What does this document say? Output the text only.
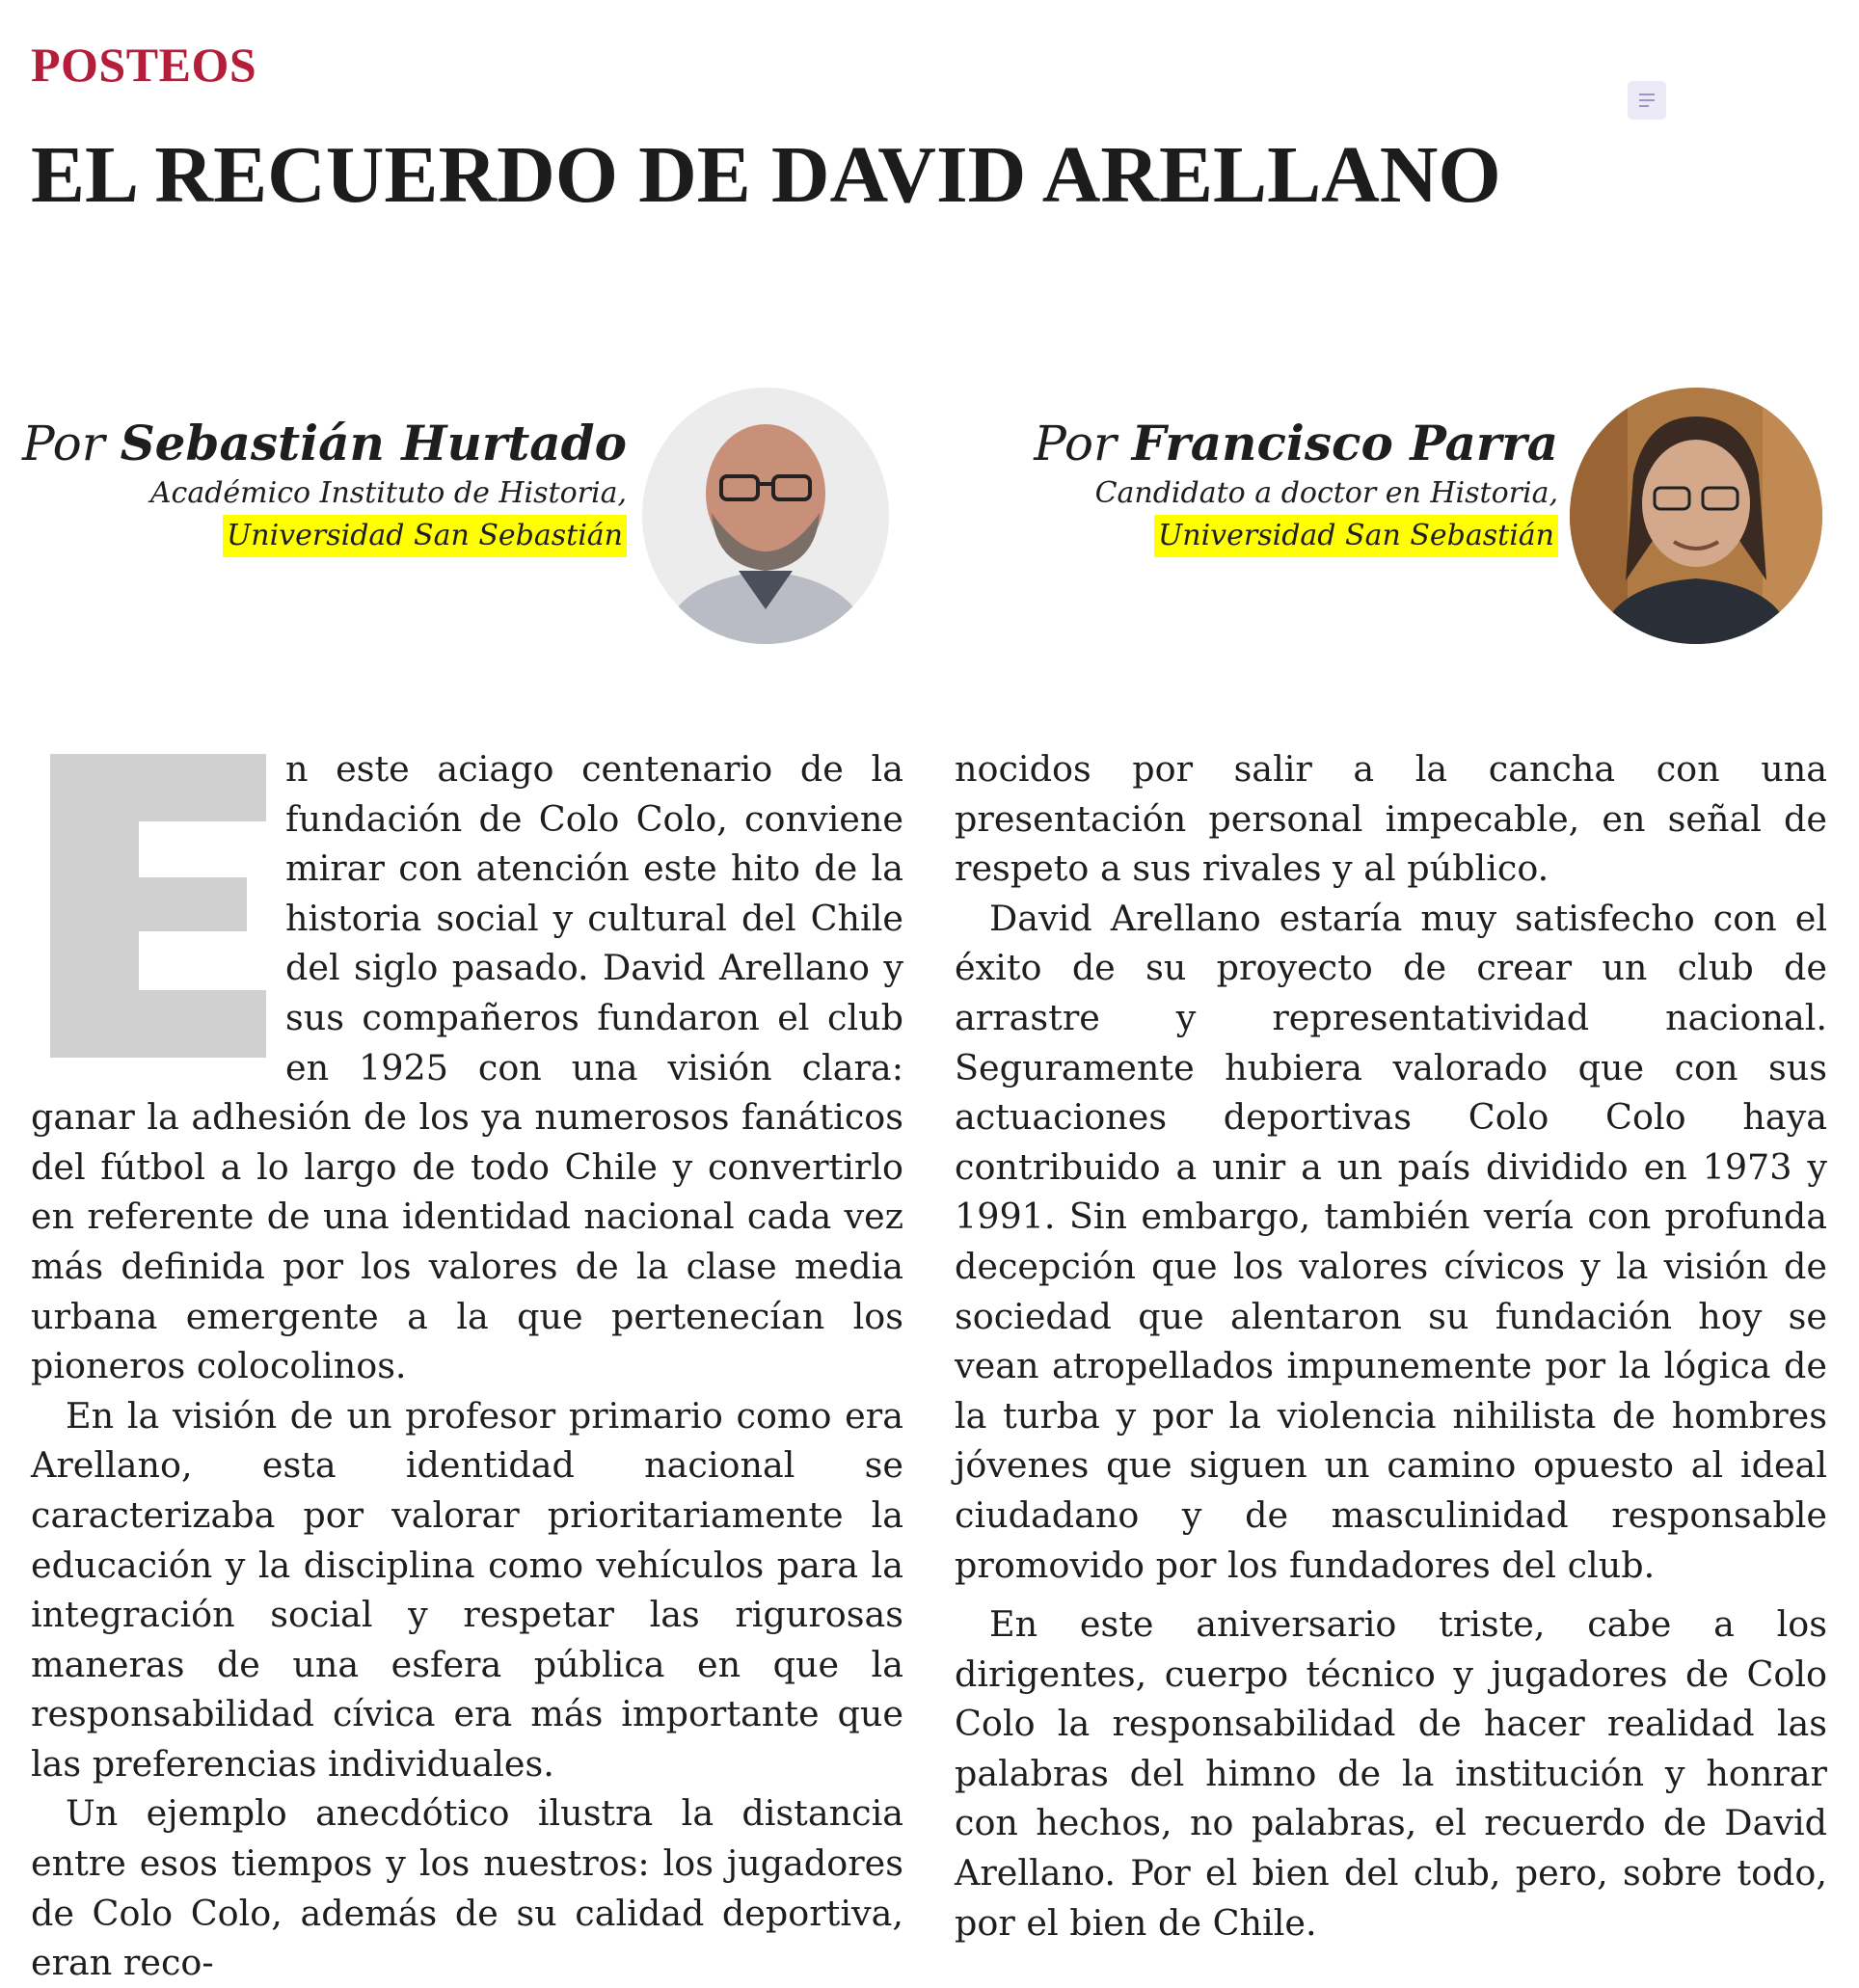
POSTEOS
EL RECUERDO DE DAVID ARELLANO
Por Sebastián Hurtado
Académico Instituto de Historia,
Universidad San Sebastián
Por Francisco Parra
Candidato a doctor en Historia,
Universidad San Sebastián

n este aciago centenario de la fundación de Colo Colo, conviene mirar con atención este hito de la historia social y cultural del Chile del siglo pasado. David Arellano y sus compañeros fundaron el club en 1925 con una visión clara: ganar la adhesión de los ya numerosos fanáticos del fútbol a lo largo de todo Chile y convertirlo en referente de una identidad nacional cada vez más definida por los valores de la clase media urbana emergente a la que pertenecían los pioneros colocolinos.

En la visión de un profesor primario como era Arellano, esta identidad nacional se caracterizaba por valorar prioritariamente la educación y la disciplina como vehículos para la integración social y respetar las rigurosas maneras de una esfera pública en que la responsabilidad cívica era más importante que las preferencias individuales.

Un ejemplo anecdótico ilustra la distancia entre esos tiempos y los nuestros: los jugadores de Colo Colo, además de su calidad deportiva, eran reco-

nocidos por salir a la cancha con una presentación personal impecable, en señal de respeto a sus rivales y al público.

David Arellano estaría muy satisfecho con el éxito de su proyecto de crear un club de arrastre y representatividad nacional. Seguramente hubiera valorado que con sus actuaciones deportivas Colo Colo haya contribuido a unir a un país dividido en 1973 y 1991. Sin embargo, también vería con profunda decepción que los valores cívicos y la visión de sociedad que alentaron su fundación hoy se vean atropellados impunemente por la lógica de la turba y por la violencia nihilista de hombres jóvenes que siguen un camino opuesto al ideal ciudadano y de masculinidad responsable promovido por los fundadores del club.

En este aniversario triste, cabe a los dirigentes, cuerpo técnico y jugadores de Colo Colo la responsabilidad de hacer realidad las palabras del himno de la institución y honrar con hechos, no palabras, el recuerdo de David Arellano. Por el bien del club, pero, sobre todo, por el bien de Chile.
